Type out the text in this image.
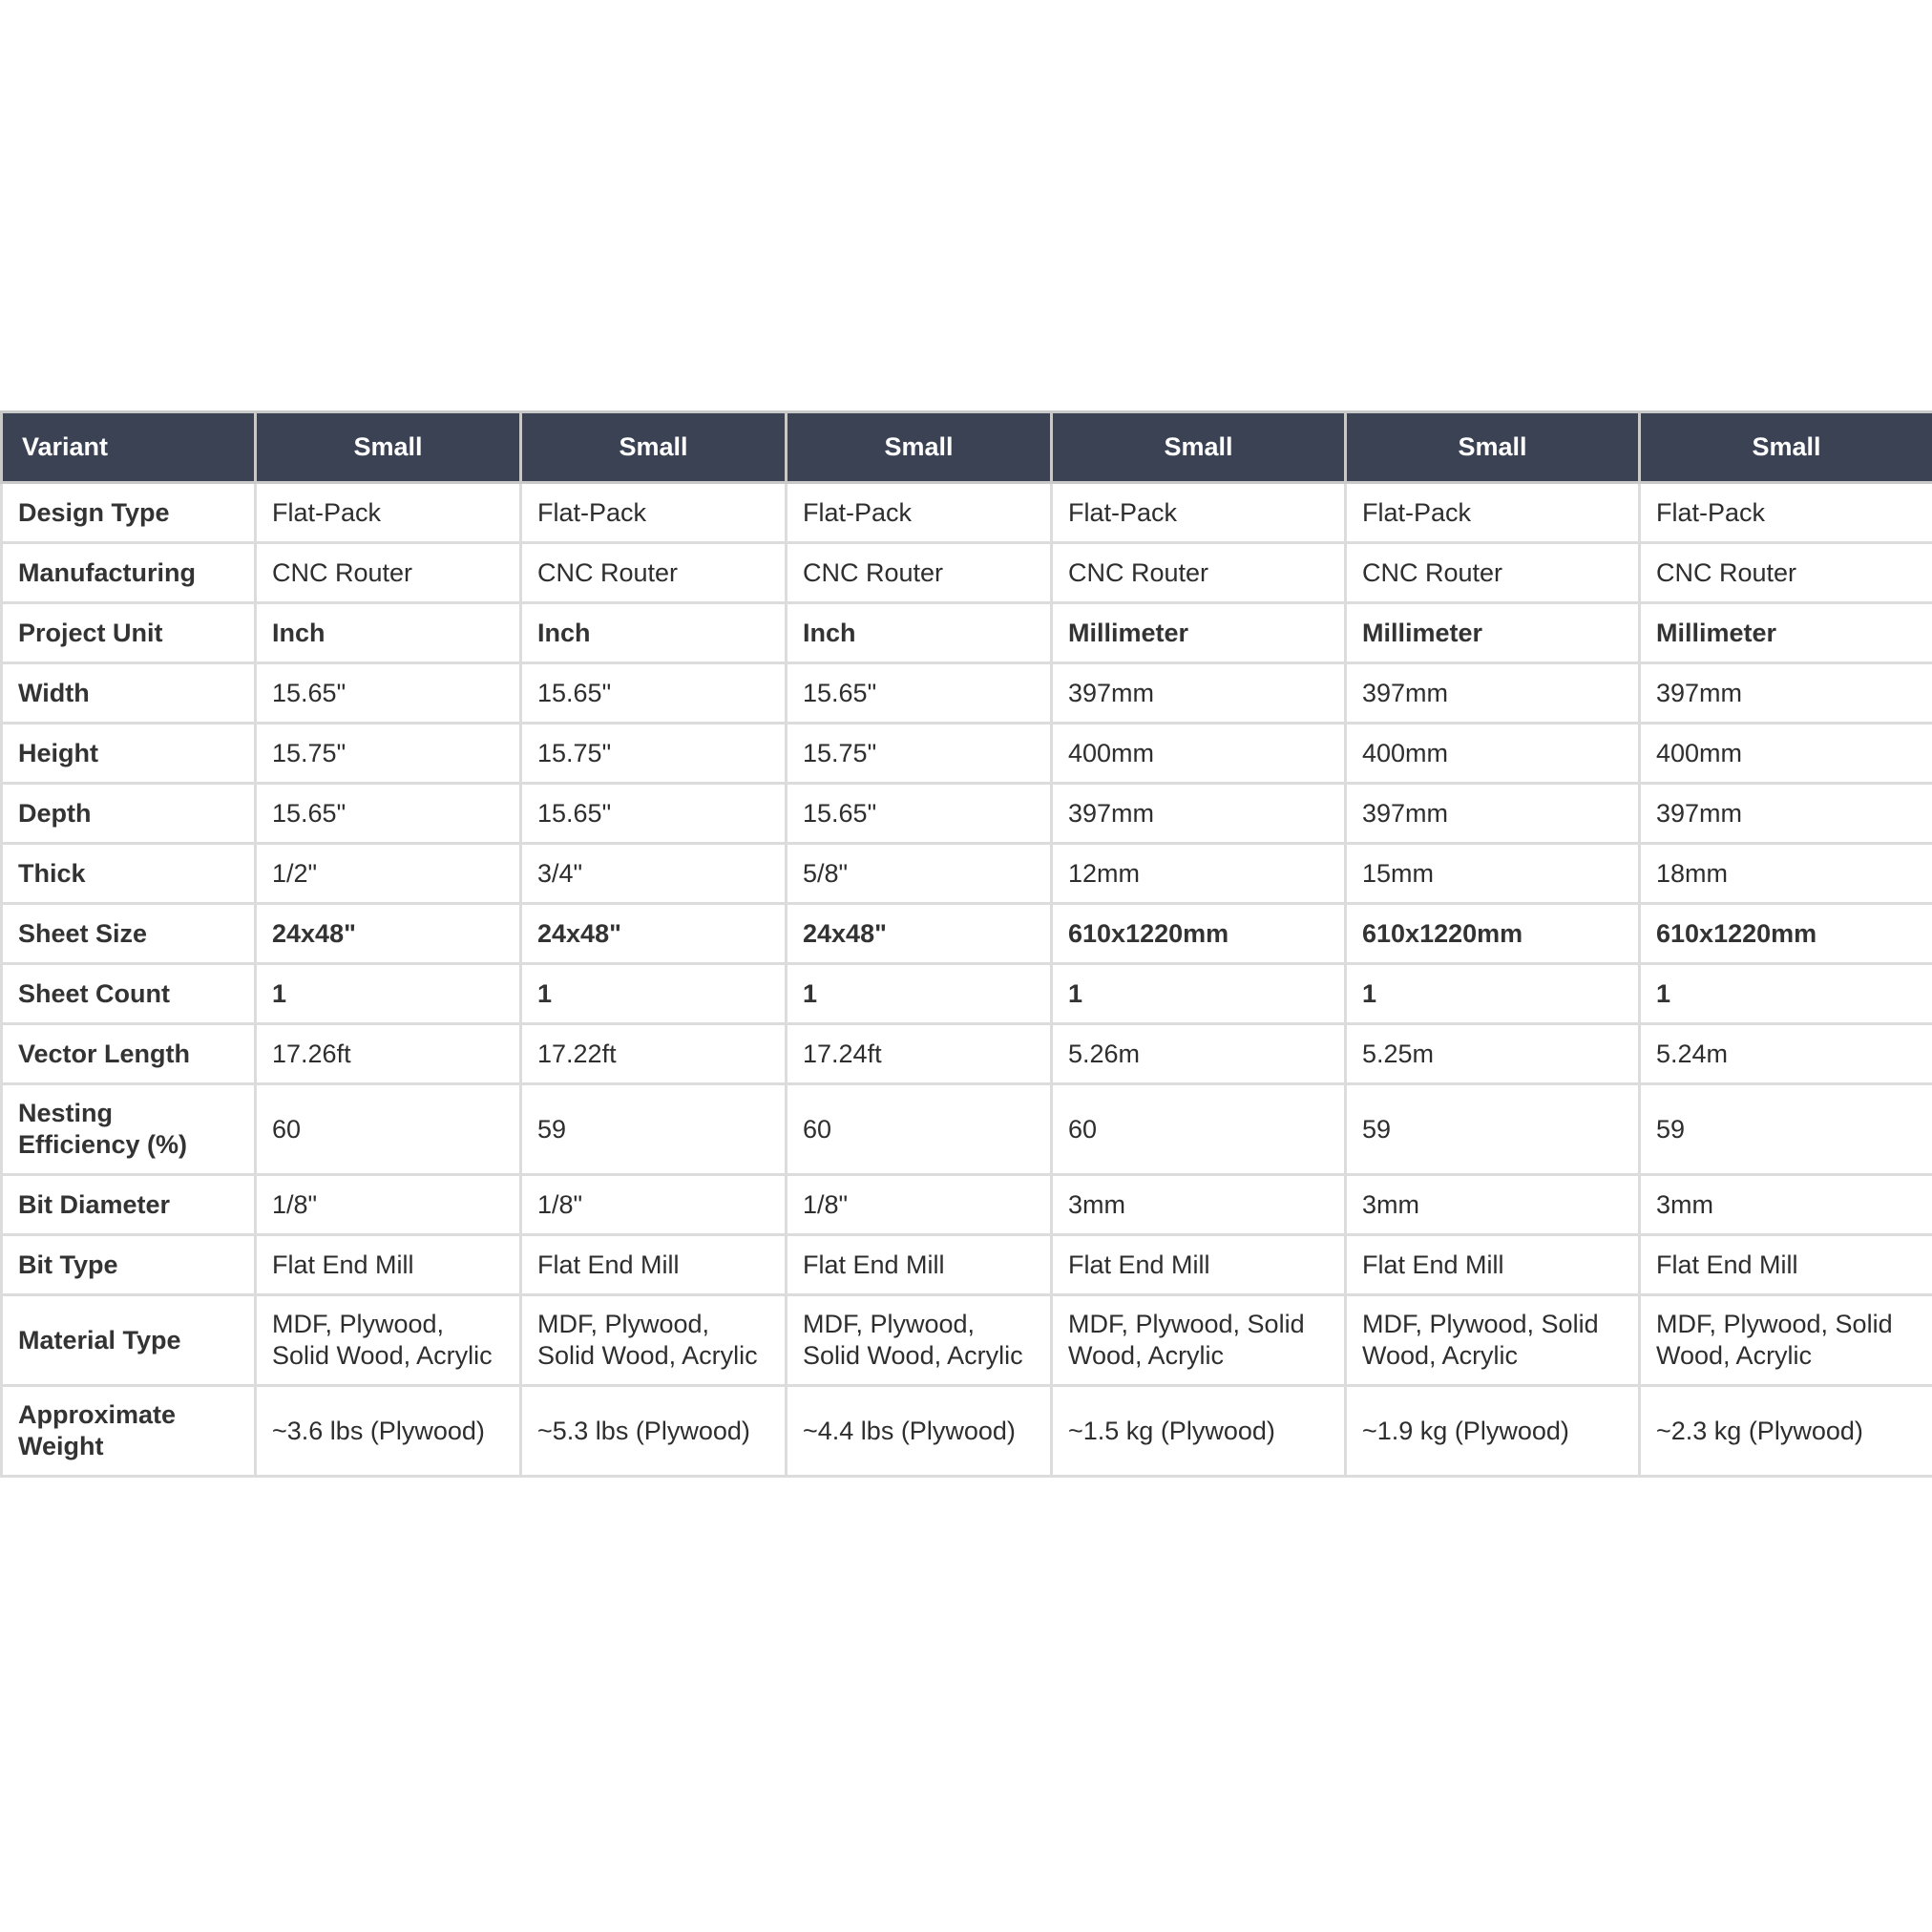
Variant	Small	Small	Small	Small	Small	Small
Design Type	Flat-Pack	Flat-Pack	Flat-Pack	Flat-Pack	Flat-Pack	Flat-Pack
Manufacturing	CNC Router	CNC Router	CNC Router	CNC Router	CNC Router	CNC Router
Project Unit	Inch	Inch	Inch	Millimeter	Millimeter	Millimeter
Width	15.65"	15.65"	15.65"	397mm	397mm	397mm
Height	15.75"	15.75"	15.75"	400mm	400mm	400mm
Depth	15.65"	15.65"	15.65"	397mm	397mm	397mm
Thick	1/2"	3/4"	5/8"	12mm	15mm	18mm
Sheet Size	24x48"	24x48"	24x48"	610x1220mm	610x1220mm	610x1220mm
Sheet Count	1	1	1	1	1	1
Vector Length	17.26ft	17.22ft	17.24ft	5.26m	5.25m	5.24m
Nesting Efficiency (%)	60	59	60	60	59	59
Bit Diameter	1/8"	1/8"	1/8"	3mm	3mm	3mm
Bit Type	Flat End Mill	Flat End Mill	Flat End Mill	Flat End Mill	Flat End Mill	Flat End Mill
Material Type	MDF, Plywood, Solid Wood, Acrylic	MDF, Plywood, Solid Wood, Acrylic	MDF, Plywood, Solid Wood, Acrylic	MDF, Plywood, Solid Wood, Acrylic	MDF, Plywood, Solid Wood, Acrylic	MDF, Plywood, Solid Wood, Acrylic
Approximate Weight	~3.6 lbs (Plywood)	~5.3 lbs (Plywood)	~4.4 lbs (Plywood)	~1.5 kg (Plywood)	~1.9 kg (Plywood)	~2.3 kg (Plywood)
